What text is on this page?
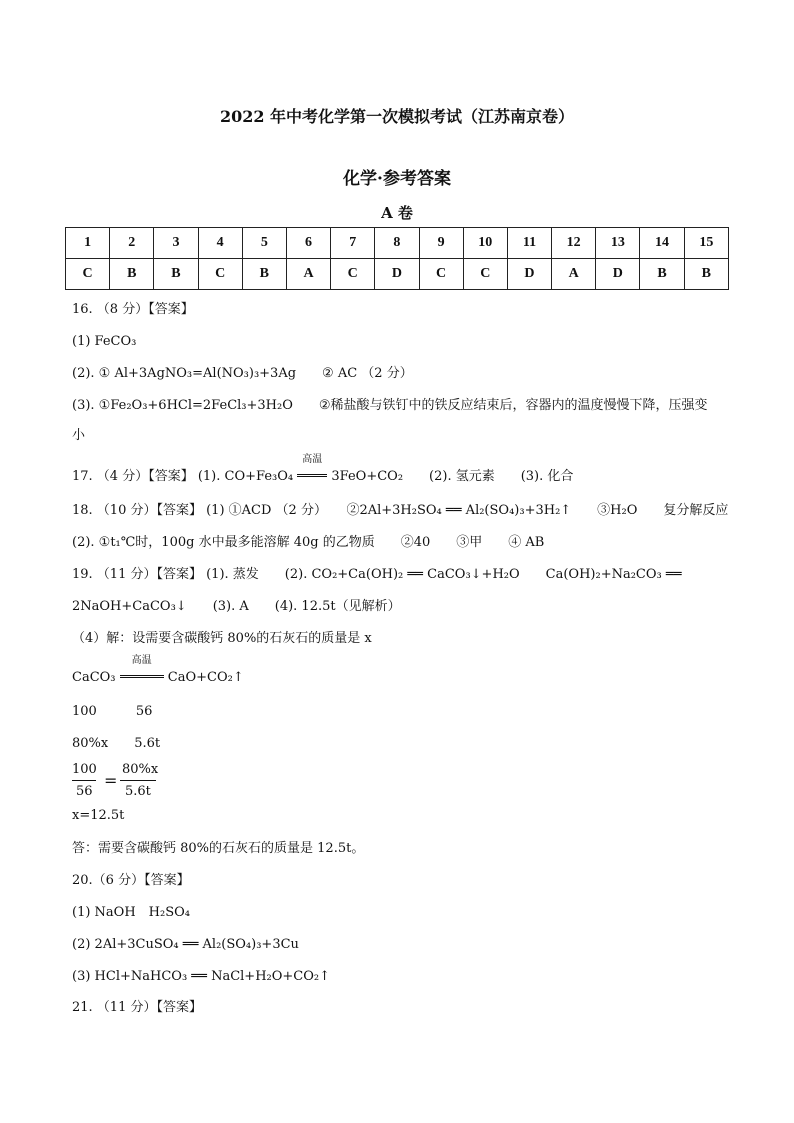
2022 年中考化学第一次模拟考试（江苏南京卷）
化学·参考答案
A 卷
1	2	3	4	5	6	7	8	9	10	11	12	13	14	15
C	B	B	C	B	A	C	D	C	C	D	A	D	B	B
16. （8 分）【答案】
(1) FeCO₃
(2). ① Al+3AgNO₃=Al(NO₃)₃+3Ag　　② AC （2 分）
(3). ①Fe₂O₃+6HCl=2FeCl₃+3H₂O　　②稀盐酸与铁钉中的铁反应结束后，容器内的温度慢慢下降，压强变
小
17. （4 分）【答案】 (1). CO+Fe₃O₄
高温
3FeO+CO₂　　(2). 氢元素　　(3). 化合
18. （10 分）【答案】 (1) ①ACD （2 分）　　②2Al+3H₂SO₄ ══ Al₂(SO₄)₃+3H₂↑　　③H₂O　　复分解反应
(2). ①t₁℃时，100g 水中最多能溶解 40g 的乙物质　　②40　　③甲　　④ AB
19. （11 分）【答案】 (1). 蒸发　　(2). CO₂+Ca(OH)₂ ══ CaCO₃↓+H₂O　　Ca(OH)₂+Na₂CO₃ ══
2NaOH+CaCO₃↓　　(3). A　　(4). 12.5t（见解析）
（4）解：设需要含碳酸钙 80%的石灰石的质量是 x
CaCO₃
高温
CaO+CO₂↑
100　　　56
80%x　　5.6t
100
56
=
80%x
5.6t
x=12.5t
答：需要含碳酸钙 80%的石灰石的质量是 12.5t。
20.（6 分）【答案】
(1) NaOH　H₂SO₄
(2) 2Al+3CuSO₄ ══ Al₂(SO₄)₃+3Cu
(3) HCl+NaHCO₃ ══ NaCl+H₂O+CO₂↑
21. （11 分）【答案】
